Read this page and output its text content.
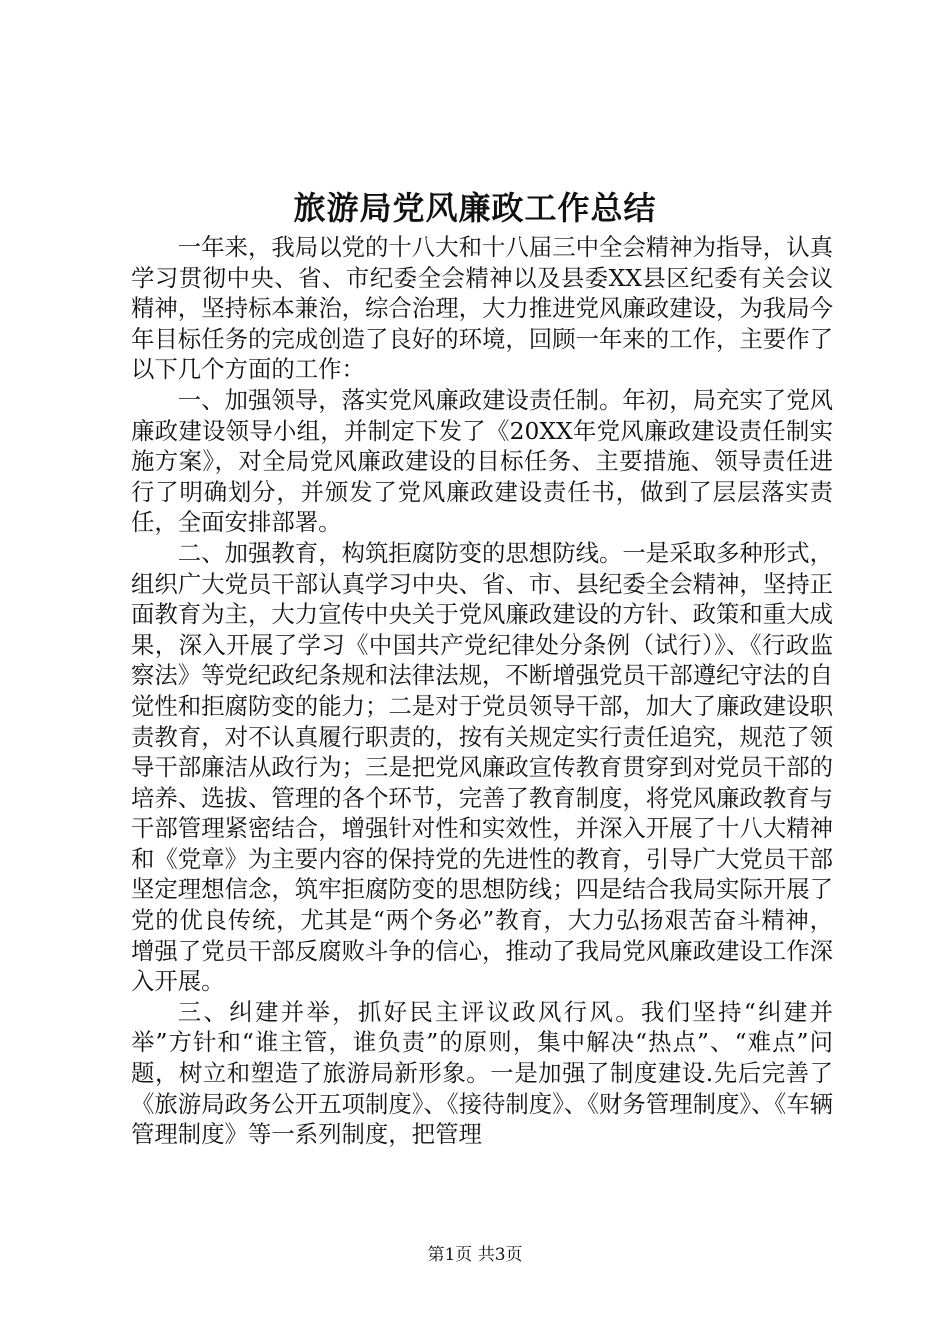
旅游局党风廉政工作总结

一年来，我局以党的十八大和十八届三中全会精神为指导，认真学习贯彻中央、省、市纪委全会精神以及县委XX县区纪委有关会议精神，坚持标本兼治，综合治理，大力推进党风廉政建设，为我局今年目标任务的完成创造了良好的环境，回顾一年来的工作，主要作了以下几个方面的工作：

一、加强领导，落实党风廉政建设责任制。年初，局充实了党风廉政建设领导小组，并制定下发了《20XX年党风廉政建设责任制实施方案》，对全局党风廉政建设的目标任务、主要措施、领导责任进行了明确划分，并颁发了党风廉政建设责任书，做到了层层落实责任，全面安排部署。

二、加强教育，构筑拒腐防变的思想防线。一是采取多种形式，组织广大党员干部认真学习中央、省、市、县纪委全会精神，坚持正面教育为主，大力宣传中央关于党风廉政建设的方针、政策和重大成果，深入开展了学习《中国共产党纪律处分条例（试行）》、《行政监察法》等党纪政纪条规和法律法规，不断增强党员干部遵纪守法的自觉性和拒腐防变的能力；二是对于党员领导干部，加大了廉政建设职责教育，对不认真履行职责的，按有关规定实行责任追究，规范了领导干部廉洁从政行为；三是把党风廉政宣传教育贯穿到对党员干部的培养、选拔、管理的各个环节，完善了教育制度，将党风廉政教育与干部管理紧密结合，增强针对性和实效性，并深入开展了十八大精神和《党章》为主要内容的保持党的先进性的教育，引导广大党员干部坚定理想信念，筑牢拒腐防变的思想防线；四是结合我局实际开展了党的优良传统，尤其是“两个务必”教育，大力弘扬艰苦奋斗精神，增强了党员干部反腐败斗争的信心，推动了我局党风廉政建设工作深入开展。

三、纠建并举，抓好民主评议政风行风。我们坚持“纠建并举”方针和“谁主管，谁负责”的原则，集中解决“热点”、“难点”问题，树立和塑造了旅游局新形象。一是加强了制度建设.先后完善了《旅游局政务公开五项制度》、《接待制度》、《财务管理制度》、《车辆管理制度》等一系列制度，把管理

第1页 共3页
